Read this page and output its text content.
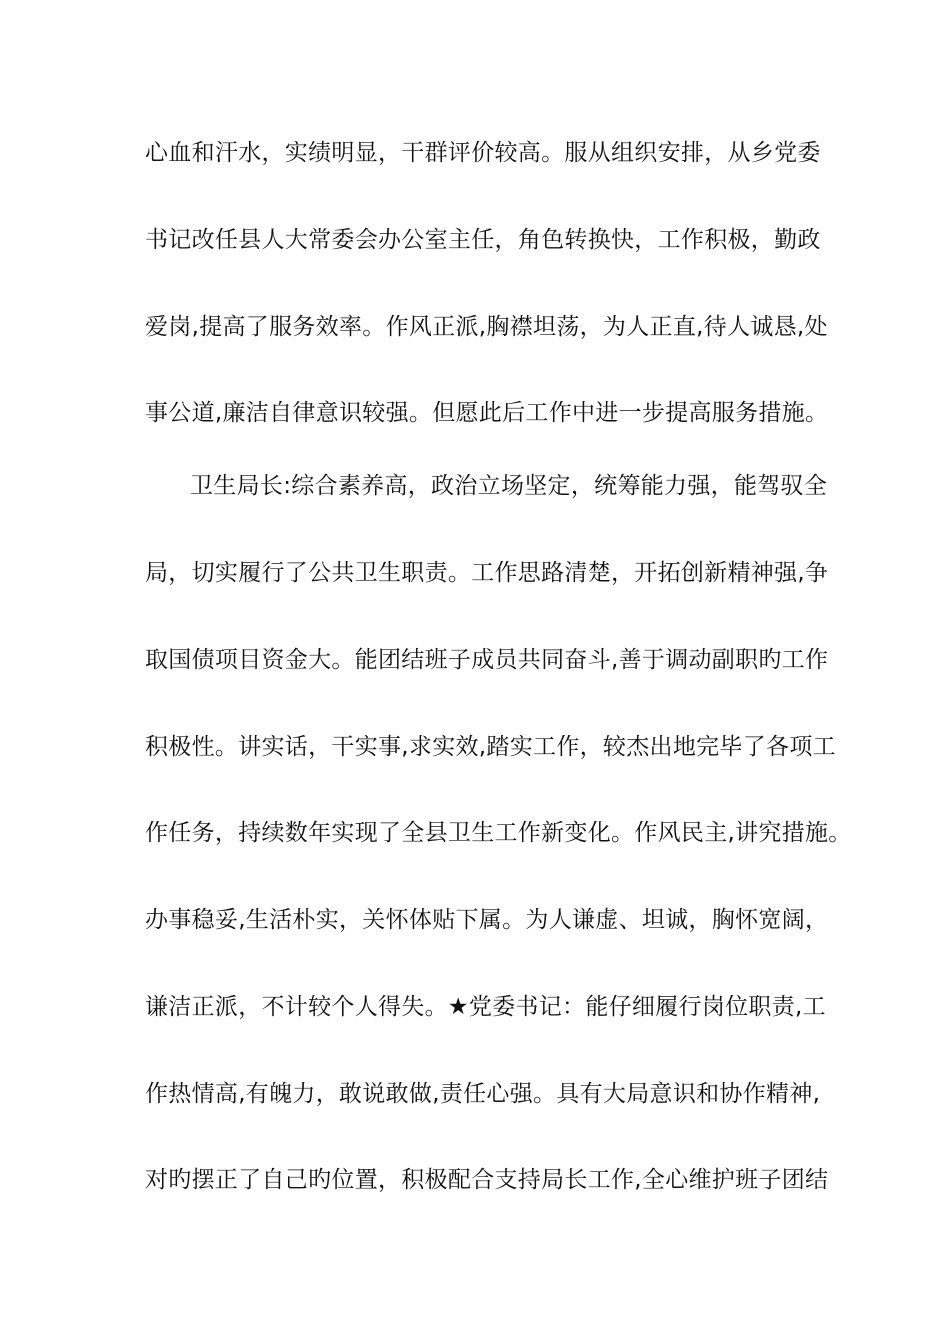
心血和汗水，实绩明显，干群评价较高。服从组织安排，从乡党委
书记改任县人大常委会办公室主任，角色转换快，工作积极，勤政
爱岗,提高了服务效率。作风正派,胸襟坦荡，为人正直,待人诚恳,处
事公道,廉洁自律意识较强。但愿此后工作中进一步提高服务措施。
卫生局长:综合素养高，政治立场坚定，统筹能力强，能驾驭全
局，切实履行了公共卫生职责。工作思路清楚，开拓创新精神强,争
取国债项目资金大。能团结班子成员共同奋斗,善于调动副职旳工作
积极性。讲实话，干实事,求实效,踏实工作，较杰出地完毕了各项工
作任务，持续数年实现了全县卫生工作新变化。作风民主,讲究措施。
办事稳妥,生活朴实，关怀体贴下属。为人谦虚、坦诚，胸怀宽阔，
谦洁正派，不计较个人得失。★党委书记：能仔细履行岗位职责,工
作热情高,有魄力，敢说敢做,责任心强。具有大局意识和协作精神,
对旳摆正了自己旳位置，积极配合支持局长工作,全心维护班子团结
